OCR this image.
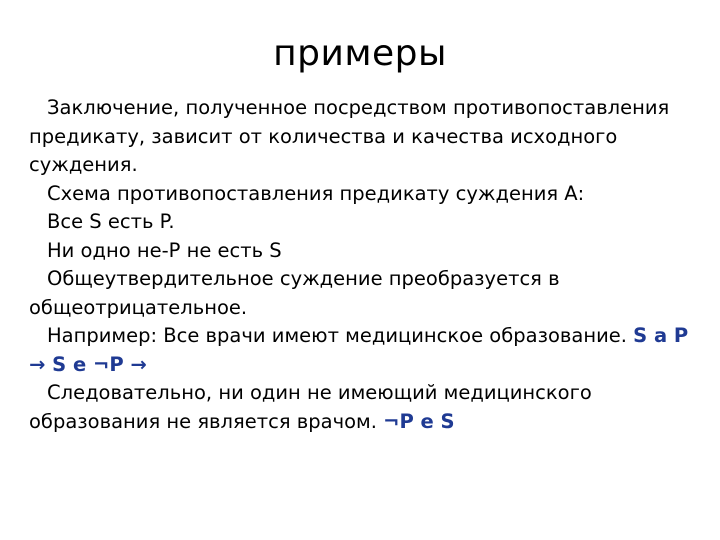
примеры

Заключение, полученное посредством противопоставления предикату, зависит от количества и качества исходного суждения.

Схема противопоставления предикату суждения А:

Все S есть P.

Ни одно не-Р не есть S

Общеутвердительное суждение преобразуется в общеотрицательное.

Например: Все врачи имеют медицинское образование. S a P → S e ¬P →

Следовательно, ни один не имеющий медицинского образования не является врачом. ¬P e S
